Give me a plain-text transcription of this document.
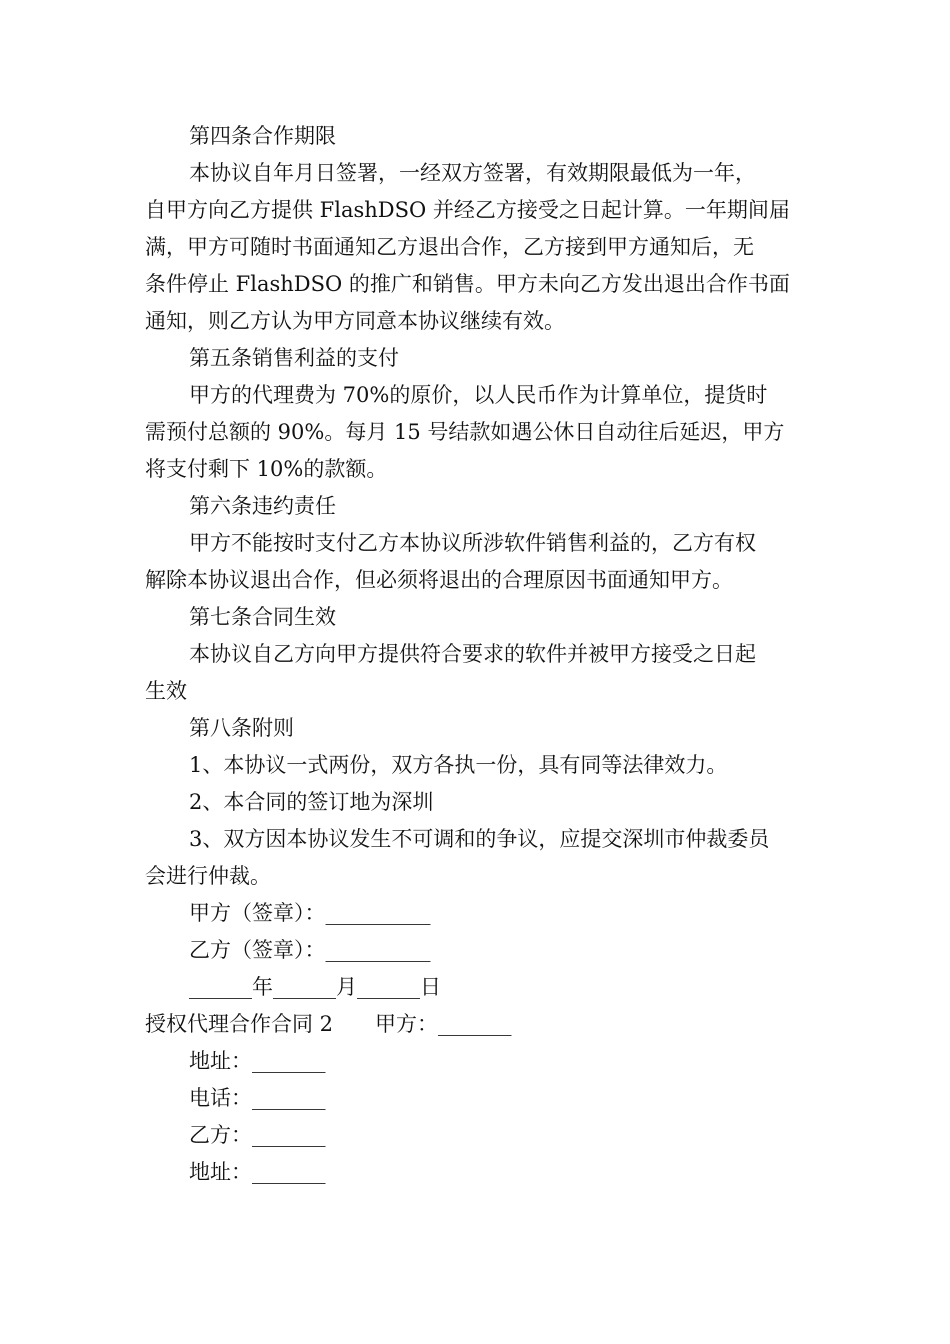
第四条合作期限
本协议自年月日签署，一经双方签署，有效期限最低为一年，
自甲方向乙方提供 FlashDSO 并经乙方接受之日起计算。一年期间届
满，甲方可随时书面通知乙方退出合作，乙方接到甲方通知后，无
条件停止 FlashDSO 的推广和销售。甲方未向乙方发出退出合作书面
通知，则乙方认为甲方同意本协议继续有效。
第五条销售利益的支付
甲方的代理费为 70%的原价，以人民币作为计算单位，提货时
需预付总额的 90%。每月 15 号结款如遇公休日自动往后延迟，甲方
将支付剩下 10%的款额。
第六条违约责任
甲方不能按时支付乙方本协议所涉软件销售利益的，乙方有权
解除本协议退出合作，但必须将退出的合理原因书面通知甲方。
第七条合同生效
本协议自乙方向甲方提供符合要求的软件并被甲方接受之日起
生效
第八条附则
1、本协议一式两份，双方各执一份，具有同等法律效力。
2、本合同的签订地为深圳
3、双方因本协议发生不可调和的争议，应提交深圳市仲裁委员
会进行仲裁。
甲方（签章）：__________
乙方（签章）：__________
______年______月______日
授权代理合作合同 2　　甲方：_______
地址：_______
电话：_______
乙方：_______
地址：_______
